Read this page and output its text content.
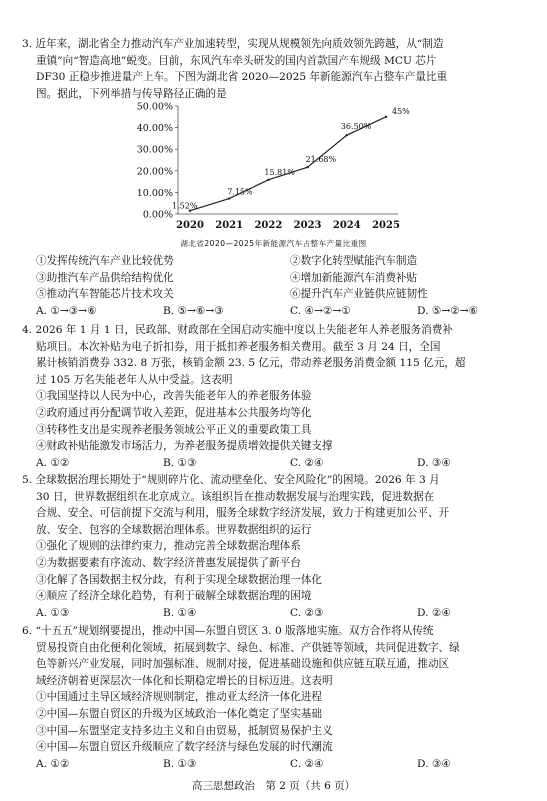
3. 近年来，湖北省全力推动汽车产业加速转型，实现从规模领先向质效领先跨越，从“制造

重镇”向“智造高地”蜕变。目前，东风汽车牵头研发的国内首款国产车规级 MCU 芯片

DF30 正稳步推进量产上车。下图为湖北省 2020—2025 年新能源汽车占整车产量比重

图。据此，下列举措与传导路径正确的是

0.00%
10.00%
20.00%
30.00%
40.00%
50.00%
2020 2021 2022 2023 2024 2025
1.52%
7.15%
15.81%
21.68%
36.50%
45%
湖北省2020—2025年新能源汽车占整车产量比重图
①发挥传统汽车产业比较优势	②数字化转型赋能汽车制造
③助推汽车产品供给结构优化	④增加新能源汽车消费补贴
⑤推动汽车智能芯片技术攻关	⑥提升汽车产业链供应链韧性
A. ①→③→⑥	B. ⑤→⑥→③	C. ④→②→①	D. ⑤→②→⑥

4. 2026 年 1 月 1 日，民政部、财政部在全国启动实施中度以上失能老年人养老服务消费补

贴项目。本次补贴为电子折扣券，用于抵扣养老服务相关费用。截至 3 月 24 日，全国

累计核销消费券 332. 8 万张，核销金额 23. 5 亿元，带动养老服务消费金额 115 亿元，超

过 105 万名失能老年人从中受益。这表明

①我国坚持以人民为中心，改善失能老年人的养老服务体验

②政府通过再分配调节收入差距，促进基本公共服务均等化

③转移性支出是实现养老服务领域公平正义的重要政策工具

④财政补贴能激发市场活力，为养老服务提质增效提供关键支撑

A. ①②	B. ①③	C. ②④	D. ③④

5. 全球数据治理长期处于“规则碎片化、流动壁垒化、安全风险化”的困境。2026 年 3 月

30 日，世界数据组织在北京成立。该组织旨在推动数据发展与治理实践，促进数据在

合规、安全、可信前提下交流与利用，服务全球数字经济发展，致力于构建更加公平、开

放、安全、包容的全球数据治理体系。世界数据组织的运行

①强化了规则的法律约束力，推动完善全球数据治理体系

②为数据要素有序流动、数字经济普惠发展提供了新平台

③化解了各国数据主权分歧，有利于实现全球数据治理一体化

④顺应了经济全球化趋势，有利于破解全球数据治理的困境

A. ①③	B. ①④	C. ②③	D. ②④

6. “十五五”规划纲要提出，推动中国—东盟自贸区 3. 0 版落地实施。双方合作将从传统

贸易投资自由化便利化领域，拓展到数字、绿色、标准、产供链等领域，共同促进数字、绿

色等新兴产业发展，同时加强标准、规制对接，促进基础设施和供应链互联互通，推动区

域经济朝着更深层次一体化和长期稳定增长的目标迈进。这表明

①中国通过主导区域经济规则制定，推动亚太经济一体化进程

②中国—东盟自贸区的升级为区域政治一体化奠定了坚实基础

③中国—东盟坚定支持多边主义和自由贸易，抵制贸易保护主义

④中国—东盟自贸区升级顺应了数字经济与绿色发展的时代潮流

A. ①②	B. ①③	C. ②④	D. ③④
高三思想政治　第 2 页（共 6 页）
